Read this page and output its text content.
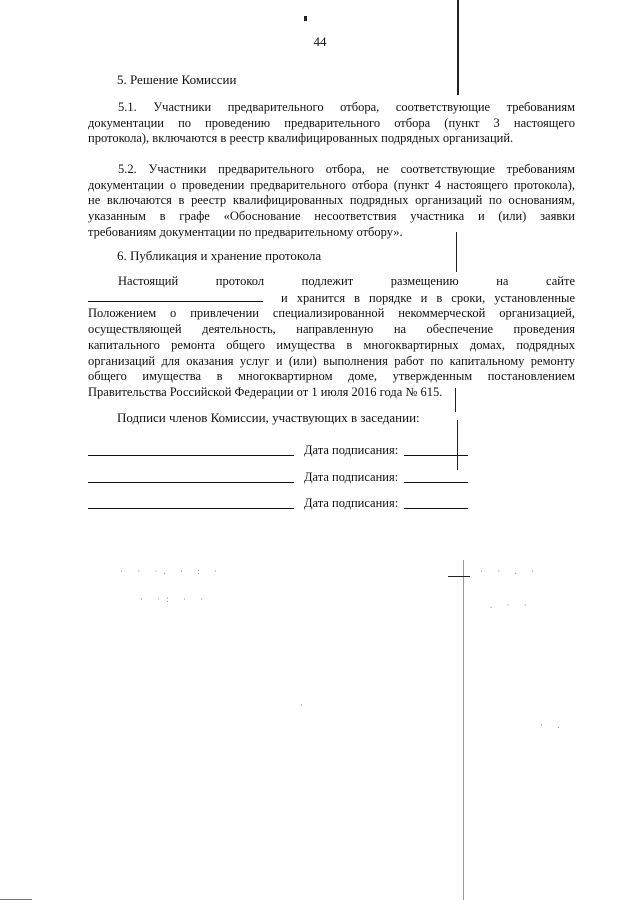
44
5. Решение Комиссии
5.1. Участники предварительного отбора, соответствующие требованиям
документации по проведению предварительного отбора (пункт 3 настоящего
протокола), включаются в реестр квалифицированных подрядных организаций.
5.2. Участники предварительного отбора, не соответствующие требованиям
документации о проведении предварительного отбора (пункт 4 настоящего протокола),
не включаются в реестр квалифицированных подрядных организаций по основаниям,
указанным в графе «Обоснование несоответствия участника и (или) заявки
требованиям документации по предварительному отбору».
6. Публикация и хранение протокола
Настоящий протокол подлежит размещению на сайте
и хранится в порядке и в сроки, установленные
Положением о привлечении специализированной некоммерческой организацией,
осуществляющей деятельность, направленную на обеспечение проведения
капитального ремонта общего имущества в многоквартирных домах, подрядных
организаций для оказания услуг и (или) выполнения работ по капитальному ремонту
общего имущества в многоквартирном доме, утвержденным постановлением
Правительства Российской Федерации от 1 июля 2016 года № 615.
Подписи членов Комиссии, участвующих в заседании:
Дата подписания:
Дата подписания:
Дата подписания:
· · ·. · : ·
· ·: · ·
· · . ·
. · ·
·
· .
